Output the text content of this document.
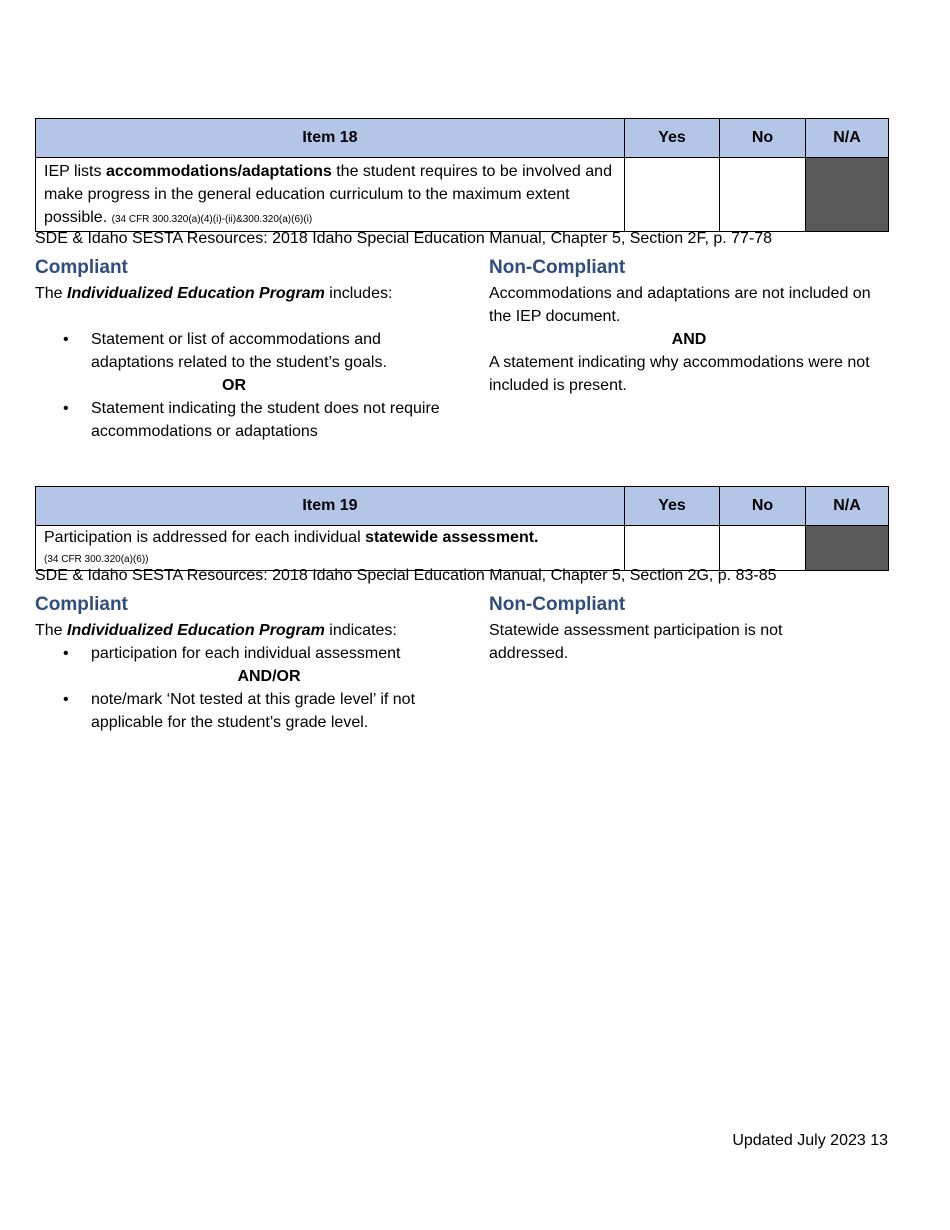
Item 18	Yes	No	N/A
IEP lists accommodations/adaptations the student requires to be involved and make progress in the general education curriculum to the maximum extent possible. (34 CFR 300.320(a)(4)(i)-(ii)&300.320(a)(6)(i)			
SDE & Idaho SESTA Resources: 2018 Idaho Special Education Manual, Chapter 5, Section 2F, p. 77-78
Compliant

The Individualized Education Program includes:

• Statement or list of accommodations and adaptations related to the student’s goals.
OR
• Statement indicating the student does not require accommodations or adaptations
Non-Compliant

Accommodations and adaptations are not included on the IEP document.

AND

A statement indicating why accommodations were not included is present.

Item 19	Yes	No	N/A
Participation is addressed for each individual statewide assessment.
(34 CFR 300.320(a)(6))			
SDE & Idaho SESTA Resources: 2018 Idaho Special Education Manual, Chapter 5, Section 2G, p. 83-85
Compliant

The Individualized Education Program indicates:

• participation for each individual assessment
AND/OR
• note/mark ‘Not tested at this grade level’ if not applicable for the student’s grade level.
Non-Compliant

Statewide assessment participation is not addressed.

Updated July 2023 13
